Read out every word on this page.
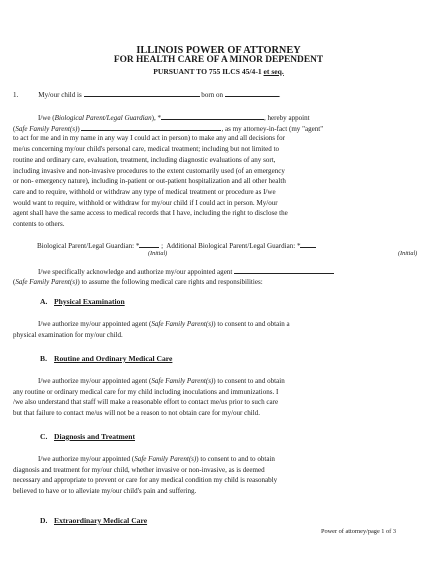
ILLINOIS POWER OF ATTORNEY
FOR HEALTH CARE OF A MINOR DEPENDENT
PURSUANT TO 755 ILCS 45/4-1 et seq.
1.	My/our child is	born on	.
I/we (Biological Parent/Legal Guardian), *	, hereby appoint
(Safe Family Parent(s))	, as my attorney-in-fact (my "agent"
to act for me and in my name in any way I could act in person) to make any and all decisions for
me/us concerning my/our child's personal care, medical treatment; including but not limited to
routine and ordinary care, evaluation, treatment, including diagnostic evaluations of any sort,
including invasive and non-invasive procedures to the extent customarily used (of an emergency
or non- emergency nature), including in-patient or out-patient hospitalization and all other health
care and to require, withhold or withdraw any type of medical treatment or procedure as I/we
would want to require, withhold or withdraw for my/our child if I could act in person. My/our
agent shall have the same access to medical records that I have, including the right to disclose the
contents to others.
Biological Parent/Legal Guardian: *	; Additional Biological Parent/Legal Guardian: *
(Initial)	(Initial)
I/we specifically acknowledge and authorize my/our appointed agent
(Safe Family Parent(s)) to assume the following medical care rights and responsibilities:
A. Physical Examination
I/we authorize my/our appointed agent (Safe Family Parent(s)) to consent to and obtain a
physical examination for my/our child.
B. Routine and Ordinary Medical Care
I/we authorize my/our appointed agent (Safe Family Parent(s)) to consent to and obtain
any routine or ordinary medical care for my child including inoculations and immunizations. I
/we also understand that staff will make a reasonable effort to contact me/us prior to such care
but that failure to contact me/us will not be a reason to not obtain care for my/our child.
C. Diagnosis and Treatment
I/we authorize my/our appointed (Safe Family Parent(s)) to consent to and to obtain
diagnosis and treatment for my/our child, whether invasive or non-invasive, as is deemed
necessary and appropriate to prevent or care for any medical condition my child is reasonably
believed to have or to alleviate my/our child's pain and suffering.
D. Extraordinary Medical Care
Power of attorney/page 1 of 3
